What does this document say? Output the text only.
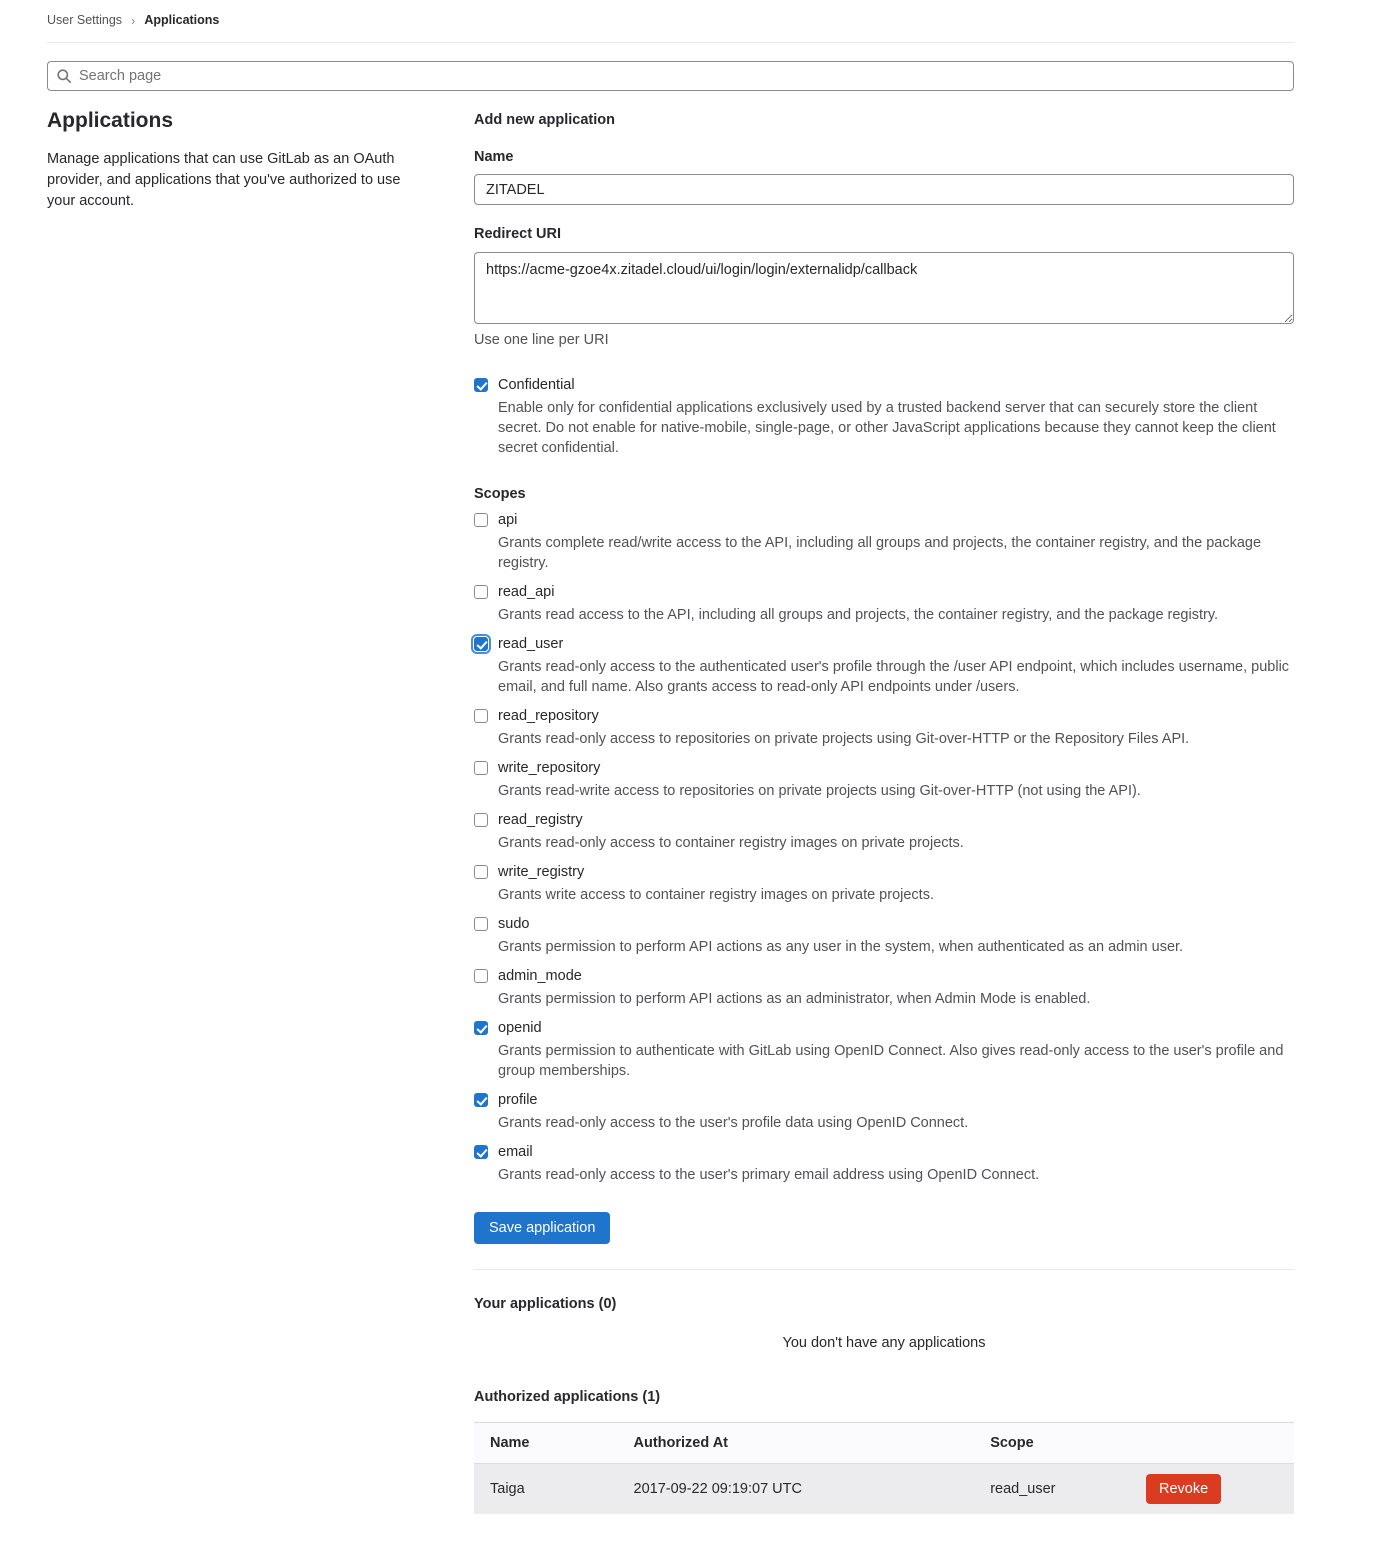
User Settings › Applications
Search page
Applications

Manage applications that can use GitLab as an OAuth provider, and applications that you've authorized to use your account.

Add new application
Name
ZITADEL
Redirect URI
https://acme-gzoe4x.zitadel.cloud/ui/login/login/externalidp/callback
Use one line per URI
Confidential
Enable only for confidential applications exclusively used by a trusted backend server that can securely store the client secret. Do not enable for native-mobile, single-page, or other JavaScript applications because they cannot keep the client secret confidential.
Scopes
api
Grants complete read/write access to the API, including all groups and projects, the container registry, and the package registry.
read_api
Grants read access to the API, including all groups and projects, the container registry, and the package registry.
read_user
Grants read-only access to the authenticated user's profile through the /user API endpoint, which includes username, public email, and full name. Also grants access to read-only API endpoints under /users.
read_repository
Grants read-only access to repositories on private projects using Git-over-HTTP or the Repository Files API.
write_repository
Grants read-write access to repositories on private projects using Git-over-HTTP (not using the API).
read_registry
Grants read-only access to container registry images on private projects.
write_registry
Grants write access to container registry images on private projects.
sudo
Grants permission to perform API actions as any user in the system, when authenticated as an admin user.
admin_mode
Grants permission to perform API actions as an administrator, when Admin Mode is enabled.
openid
Grants permission to authenticate with GitLab using OpenID Connect. Also gives read-only access to the user's profile and group memberships.
profile
Grants read-only access to the user's profile data using OpenID Connect.
email
Grants read-only access to the user's primary email address using OpenID Connect.
Save application
Your applications (0)
You don't have any applications
Authorized applications (1)
Name	Authorized At	Scope	
Taiga	2017-09-22 09:19:07 UTC	read_user	Revoke
